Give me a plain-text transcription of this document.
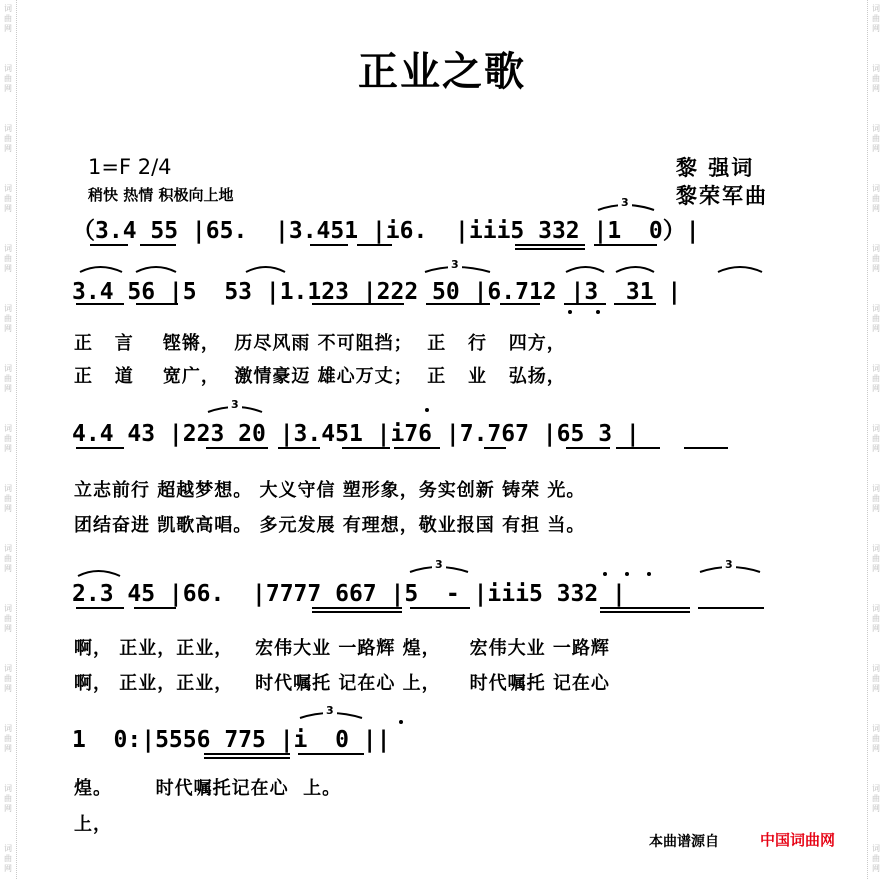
词
曲
网
词
曲
网
词
曲
网
词
曲
网
词
曲
网
词
曲
网
词
曲
网
词
曲
网
词
曲
网
词
曲
网
词
曲
网
词
曲
网
词
曲
网
词
曲
网
词
曲
网
词
曲
网
词
曲
网
词
曲
网
词
曲
网
词
曲
网
词
曲
网
词
曲
网
词
曲
网
词
曲
网
词
曲
网
词
曲
网
词
曲
网
词
曲
网
词
曲
网
词
曲
网
正业之歌
1=F 2/4
稍快 热情 积极向上地
黎 强词
黎荣军曲
（3.4 55 |65.  |3.451 |i6.  |iii5 332 |1  0）|
3.4 56 |5  53 |1.123 |222 50 |6.712 |3  31 |
正   言    铿锵，  历尽风雨 不可阻挡；  正   行   四方，
正   道    宽广，  激情豪迈 雄心万丈；  正   业   弘扬，
4.4 43 |223 20 |3.451 |i76 |7.767 |65 3 |
立志前行 超越梦想。 大义守信 塑形象，务实创新 铸荣 光。
团结奋进 凯歌高唱。 多元发展 有理想，敬业报国 有担 当。
2.3 45 |66.  |7777 667 |5  - |iii5 332 |
啊， 正业，正业，   宏伟大业 一路辉 煌，    宏伟大业 一路辉
啊， 正业，正业，   时代嘱托 记在心 上，    时代嘱托 记在心
1  0:|5556 775 |i  0 ||
煌。      时代嘱托记在心  上。
上，
3
3
3
3	3
3
本曲谱源自	中国词曲网
